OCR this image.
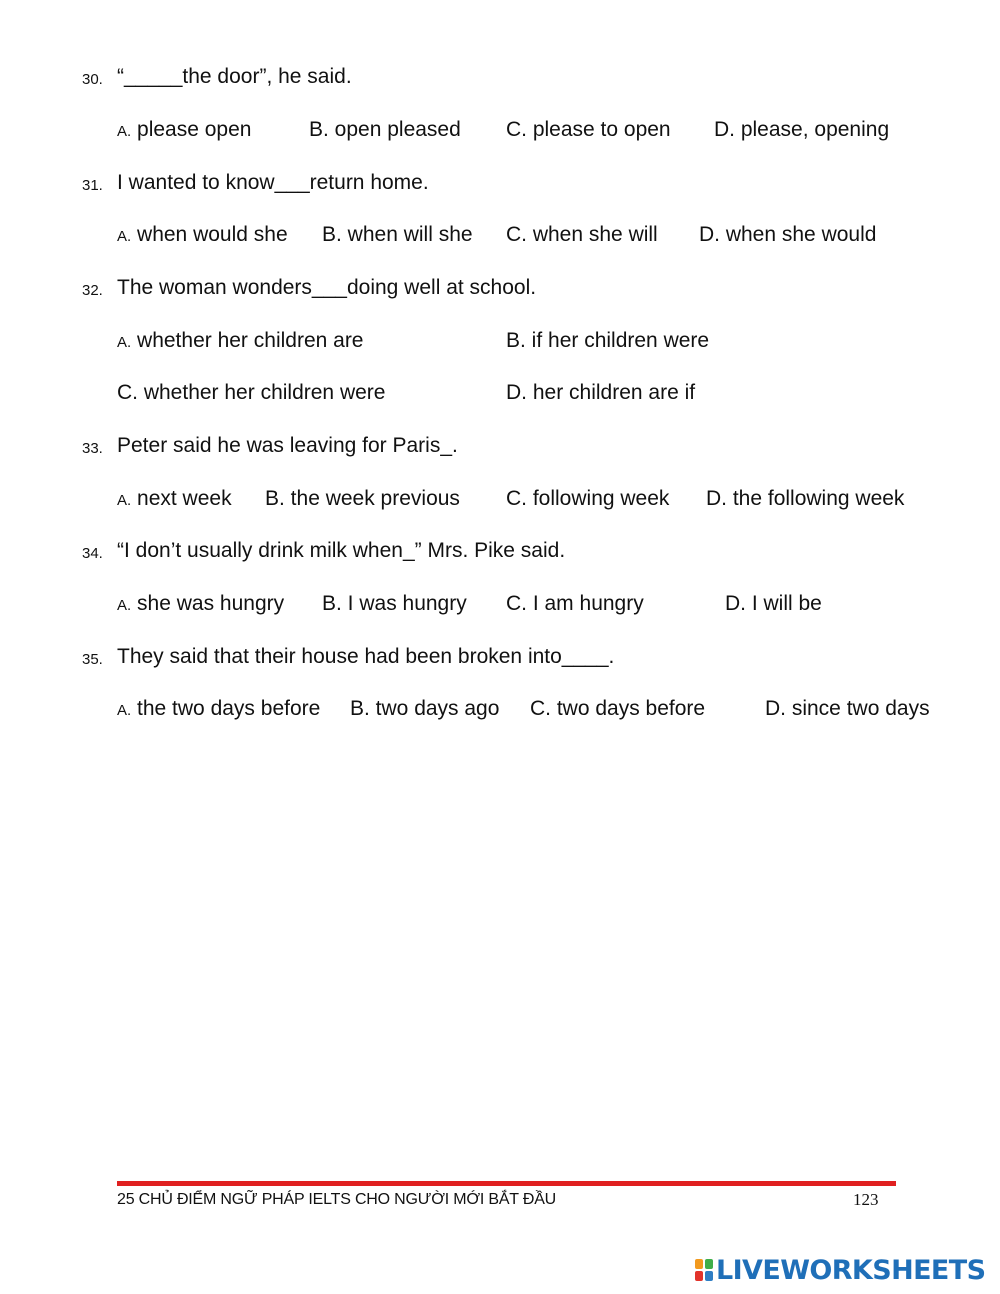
30. “_____the door”, he said.
A. please open	B. open pleased C. please to open D. please, opening
31. I wanted to know___return home.
A. when would she B. when will she C. when she will D. when she would
32. The woman wonders___doing well at school.
A. whether her children are	B. if her children were
C. whether her children were	D. her children are if
33. Peter said he was leaving for Paris_.
A. next week B. the week previous C. following week D. the following week
34. “I don’t usually drink milk when_” Mrs. Pike said.
A. she was hungry B. I was hungry C. I am hungry	D. I will be
35. They said that their house had been broken into____.
A. the two days before B. two days ago C. two days before	D. since two days
25 CHỦ ĐIỂM NGỮ PHÁP IELTS CHO NGƯỜI MỚI BẮT ĐẦU	123
LIVEWORKSHEETS
